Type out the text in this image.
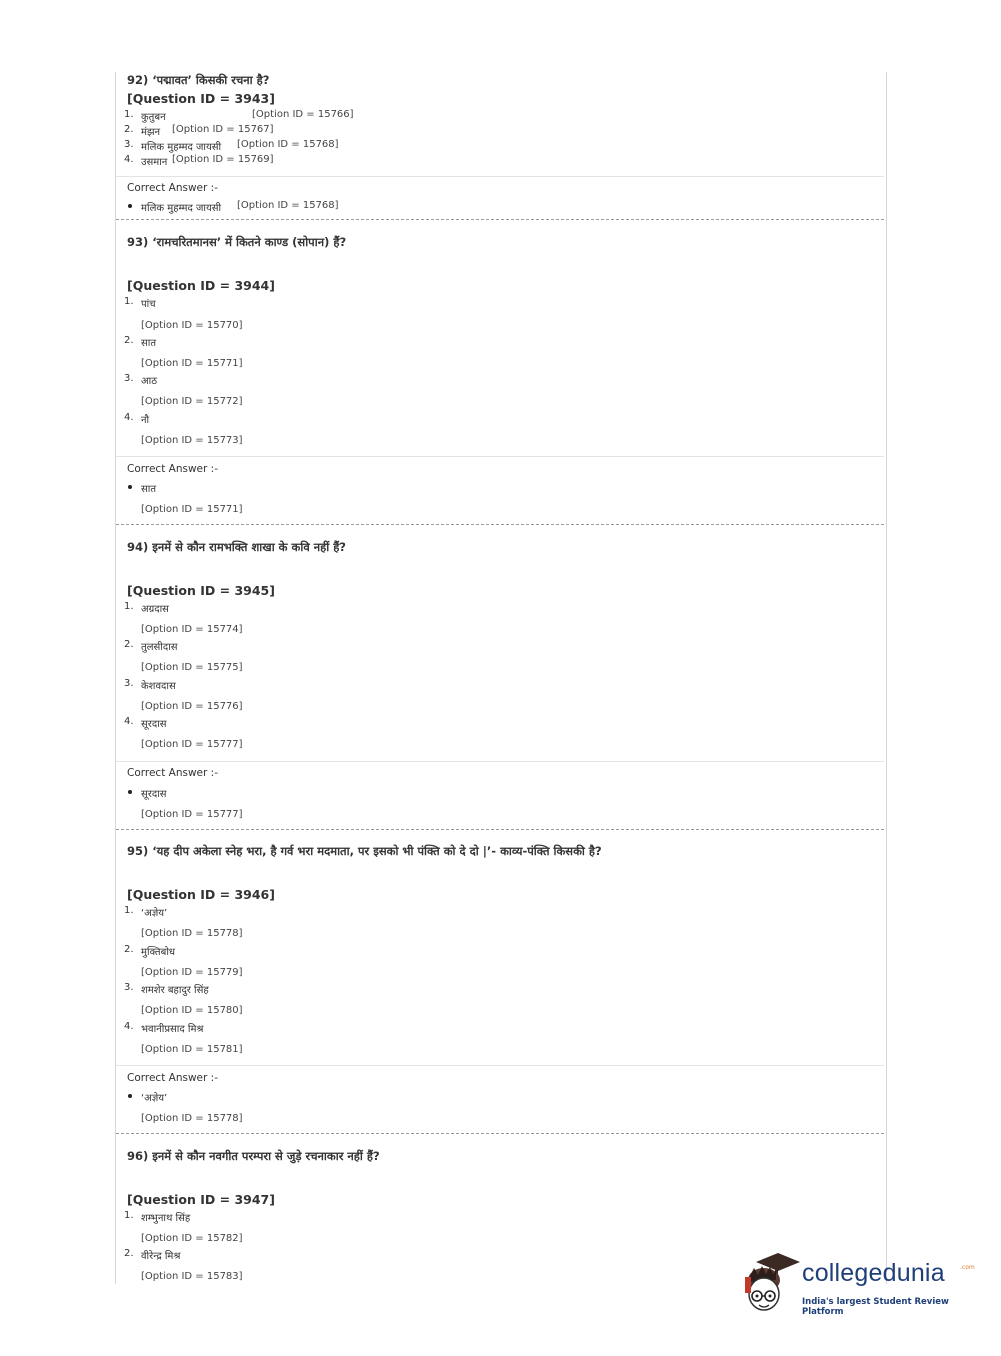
92) ‘पद्मावत’ किसकी रचना है?
[Question ID = 3943]
1. कुतुबन	[Option ID = 15766]
2. मंझन [Option ID = 15767]
3. मलिक मुहम्मद जायसी [Option ID = 15768]
4. उसमान [Option ID = 15769]
Correct Answer :-
मलिक मुहम्मद जायसी [Option ID = 15768]
93) ‘रामचरितमानस’ में कितने काण्ड (सोपान) हैं?
[Question ID = 3944]
1. पांच
[Option ID = 15770]
2. सात
[Option ID = 15771]
3. आठ
[Option ID = 15772]
4. नौ
[Option ID = 15773]
Correct Answer :-
सात
[Option ID = 15771]
94) इनमें से कौन रामभक्ति शाखा के कवि नहीं हैं?
[Question ID = 3945]
1. अग्रदास
[Option ID = 15774]
2. तुलसीदास
[Option ID = 15775]
3. केशवदास
[Option ID = 15776]
4. सूरदास
[Option ID = 15777]
Correct Answer :-
सूरदास
[Option ID = 15777]
95) ‘यह दीप अकेला स्नेह भरा, है गर्व भरा मदमाता, पर इसको भी पंक्ति को दे दो |’- काव्य-पंक्ति किसकी है?
[Question ID = 3946]
1. ‘अज्ञेय’
[Option ID = 15778]
2. मुक्तिबोध
[Option ID = 15779]
3. शमशेर बहादुर सिंह
[Option ID = 15780]
4. भवानीप्रसाद मिश्र
[Option ID = 15781]
Correct Answer :-
‘अज्ञेय’
[Option ID = 15778]
96) इनमें से कौन नवगीत परम्परा से जुड़े रचनाकार नहीं हैं?
[Question ID = 3947]
1. शम्भुनाथ सिंह
[Option ID = 15782]
2. वीरेन्द्र मिश्र
[Option ID = 15783]	collegedunia	.com
India's largest Student Review Platform
